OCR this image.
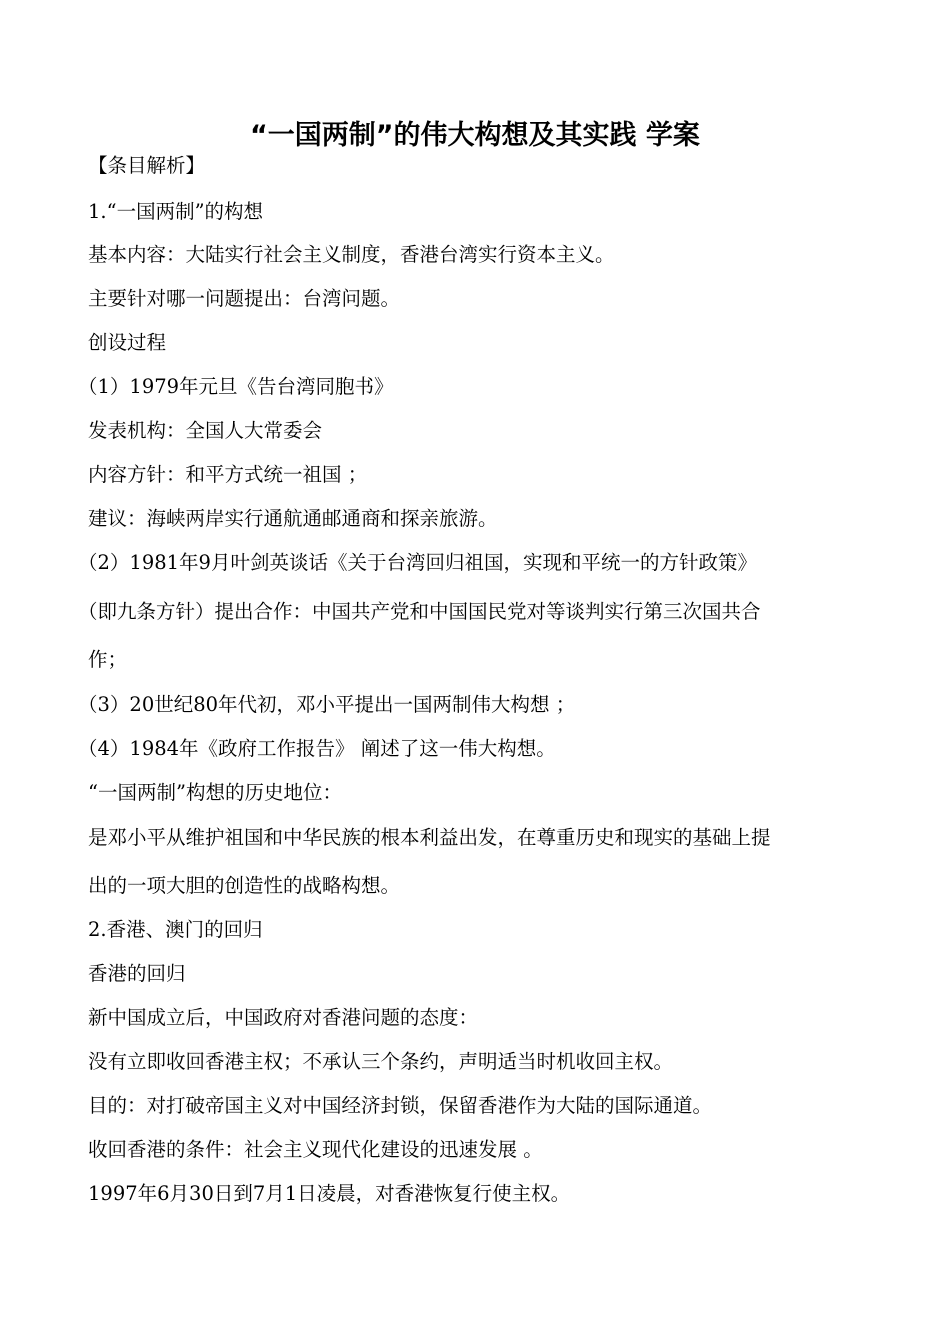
“一国两制”的伟大构想及其实践 学案
【条目解析】
1.“一国两制”的构想
基本内容：大陆实行社会主义制度，香港台湾实行资本主义。
主要针对哪一问题提出：台湾问题。
创设过程
（1）1979年元旦《告台湾同胞书》
发表机构：全国人大常委会
内容方针：和平方式统一祖国 ；
建议：海峡两岸实行通航通邮通商和探亲旅游。
（2）1981年9月叶剑英谈话《关于台湾回归祖国，实现和平统一的方针政策》
（即九条方针）提出合作：中国共产党和中国国民党对等谈判实行第三次国共合
作；
（3）20世纪80年代初，邓小平提出一国两制伟大构想 ；
（4）1984年《政府工作报告》 阐述了这一伟大构想。
“一国两制”构想的历史地位：
是邓小平从维护祖国和中华民族的根本利益出发，在尊重历史和现实的基础上提
出的一项大胆的创造性的战略构想。
2.香港、澳门的回归
香港的回归
新中国成立后，中国政府对香港问题的态度：
没有立即收回香港主权；不承认三个条约，声明适当时机收回主权。
目的：对打破帝国主义对中国经济封锁，保留香港作为大陆的国际通道。
收回香港的条件：社会主义现代化建设的迅速发展 。
1997年6月30日到7月1日凌晨，对香港恢复行使主权。
